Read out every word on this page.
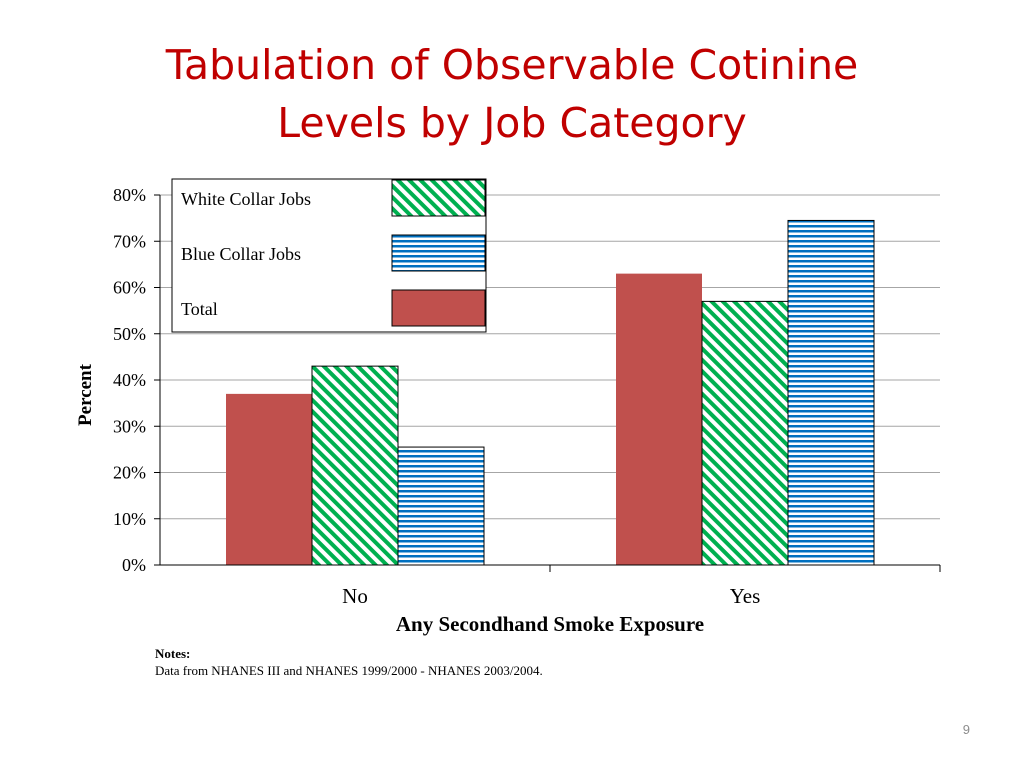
Tabulation of Observable Cotinine
Levels by Job Category
0%
10%
20%
30%
40%
50%
60%
70%
80%
No	Yes
Any Secondhand Smoke Exposure
Percent
White Collar Jobs
Blue Collar Jobs
Total
Notes:
Data from NHANES III and NHANES 1999/2000 - NHANES 2003/2004.
9
